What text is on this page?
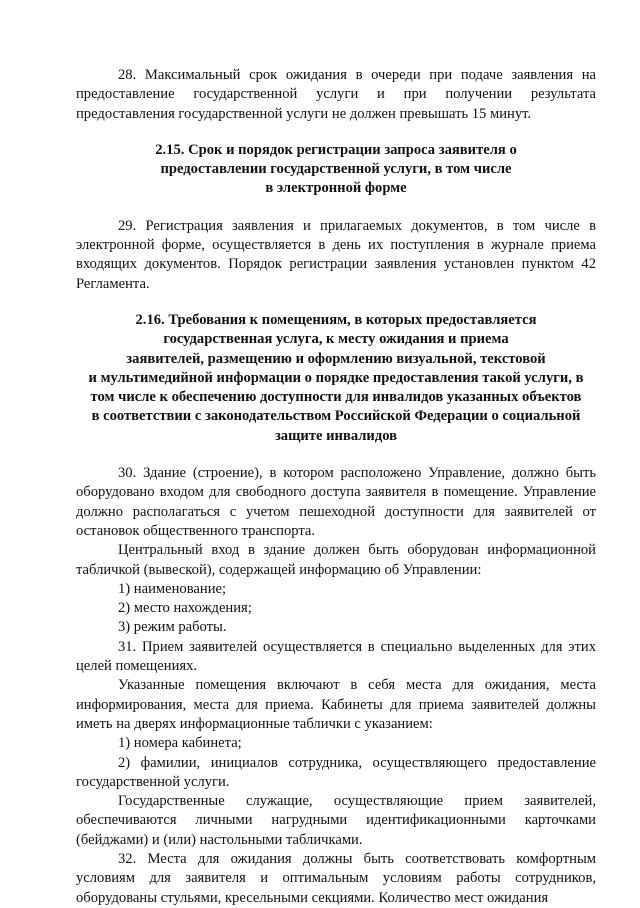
28. Максимальный срок ожидания в очереди при подаче заявления на предоставление государственной услуги и при получении результата предоставления государственной услуги не должен превышать 15 минут.

2.15. Срок и порядок регистрации запроса заявителя о
предоставлении государственной услуги, в том числе
в электронной форме

29. Регистрация заявления и прилагаемых документов, в том числе в электронной форме, осуществляется в день их поступления в журнале приема входящих документов. Порядок регистрации заявления установлен пунктом 42 Регламента.

2.16. Требования к помещениям, в которых предоставляется
государственная услуга, к месту ожидания и приема
заявителей, размещению и оформлению визуальной, текстовой
и мультимедийной информации о порядке предоставления такой услуги, в
том числе к обеспечению доступности для инвалидов указанных объектов
в соответствии с законодательством Российской Федерации о социальной
защите инвалидов

30. Здание (строение), в котором расположено Управление, должно быть оборудовано входом для свободного доступа заявителя в помещение. Управление должно располагаться с учетом пешеходной доступности для заявителей от остановок общественного транспорта.

Центральный вход в здание должен быть оборудован информационной табличкой (вывеской), содержащей информацию об Управлении:

1) наименование;

2) место нахождения;

3) режим работы.

31. Прием заявителей осуществляется в специально выделенных для этих целей помещениях.

Указанные помещения включают в себя места для ожидания, места информирования, места для приема. Кабинеты для приема заявителей должны иметь на дверях информационные таблички с указанием:

1) номера кабинета;

2) фамилии, инициалов сотрудника, осуществляющего предоставление государственной услуги.

Государственные служащие, осуществляющие прием заявителей, обеспечиваются личными нагрудными идентификационными карточками (бейджами) и (или) настольными табличками.

32. Места для ожидания должны быть соответствовать комфортным условиям для заявителя и оптимальным условиям работы сотрудников, оборудованы стульями, кресельными секциями. Количество мест ожидания
